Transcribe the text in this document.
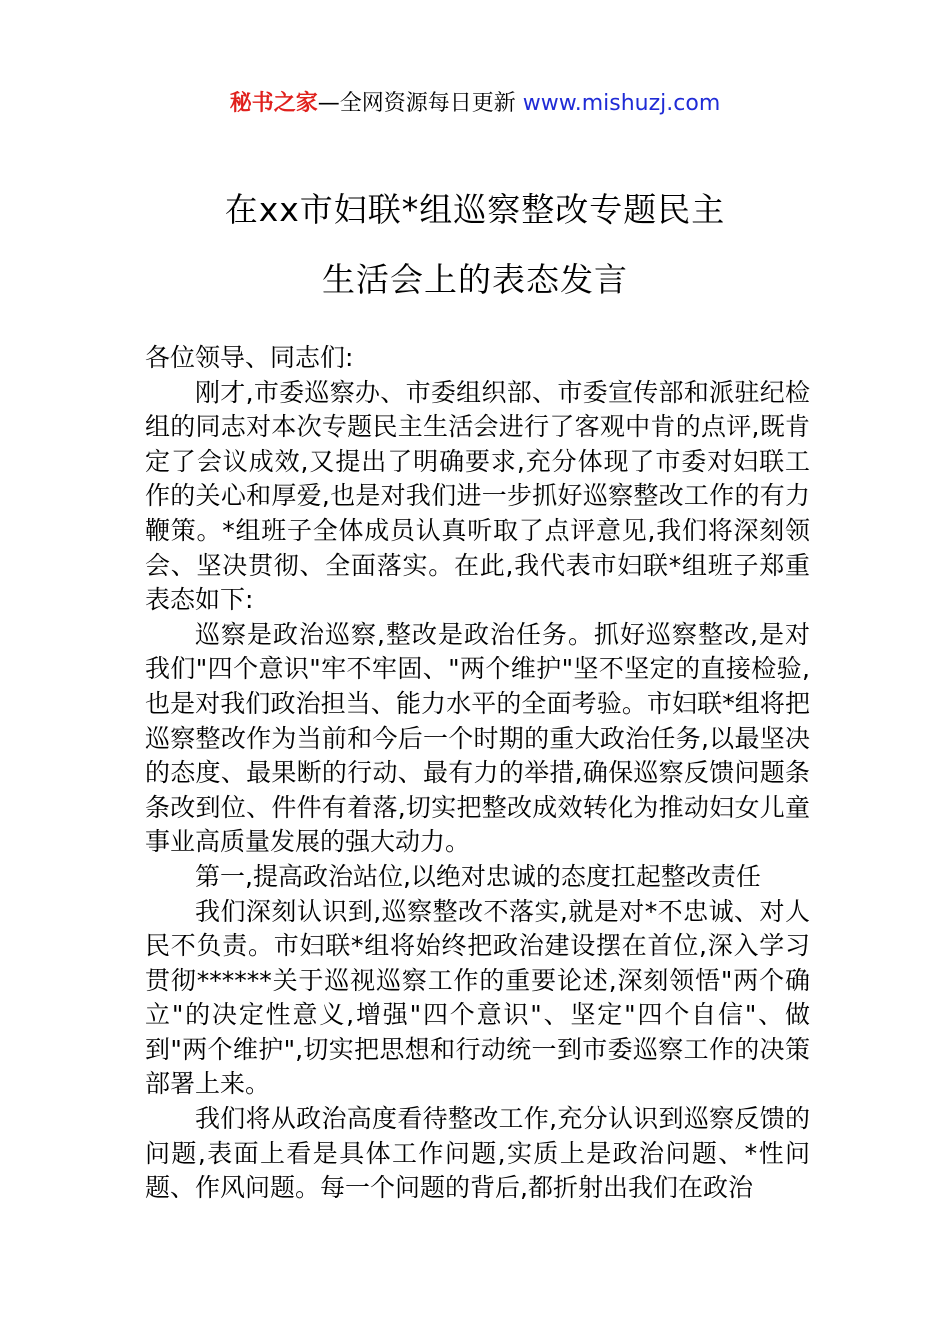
秘书之家—全网资源每日更新 www.mishuzj.com
在xx市妇联*组巡察整改专题民主
生活会上的表态发言

各位领导、同志们:

刚才,市委巡察办、市委组织部、市委宣传部和派驻纪检组的同志对本次专题民主生活会进行了客观中肯的点评,既肯定了会议成效,又提出了明确要求,充分体现了市委对妇联工作的关心和厚爱,也是对我们进一步抓好巡察整改工作的有力鞭策。*组班子全体成员认真听取了点评意见,我们将深刻领会、坚决贯彻、全面落实。在此,我代表市妇联*组班子郑重表态如下:

巡察是政治巡察,整改是政治任务。抓好巡察整改,是对我们"四个意识"牢不牢固、"两个维护"坚不坚定的直接检验,也是对我们政治担当、能力水平的全面考验。市妇联*组将把巡察整改作为当前和今后一个时期的重大政治任务,以最坚决的态度、最果断的行动、最有力的举措,确保巡察反馈问题条条改到位、件件有着落,切实把整改成效转化为推动妇女儿童事业高质量发展的强大动力。

第一,提高政治站位,以绝对忠诚的态度扛起整改责任

我们深刻认识到,巡察整改不落实,就是对*不忠诚、对人民不负责。市妇联*组将始终把政治建设摆在首位,深入学习贯彻******关于巡视巡察工作的重要论述,深刻领悟"两个确立"的决定性意义,增强"四个意识"、坚定"四个自信"、做到"两个维护",切实把思想和行动统一到市委巡察工作的决策部署上来。

我们将从政治高度看待整改工作,充分认识到巡察反馈的问题,表面上看是具体工作问题,实质上是政治问题、*性问题、作风问题。每一个问题的背后,都折射出我们在政治
